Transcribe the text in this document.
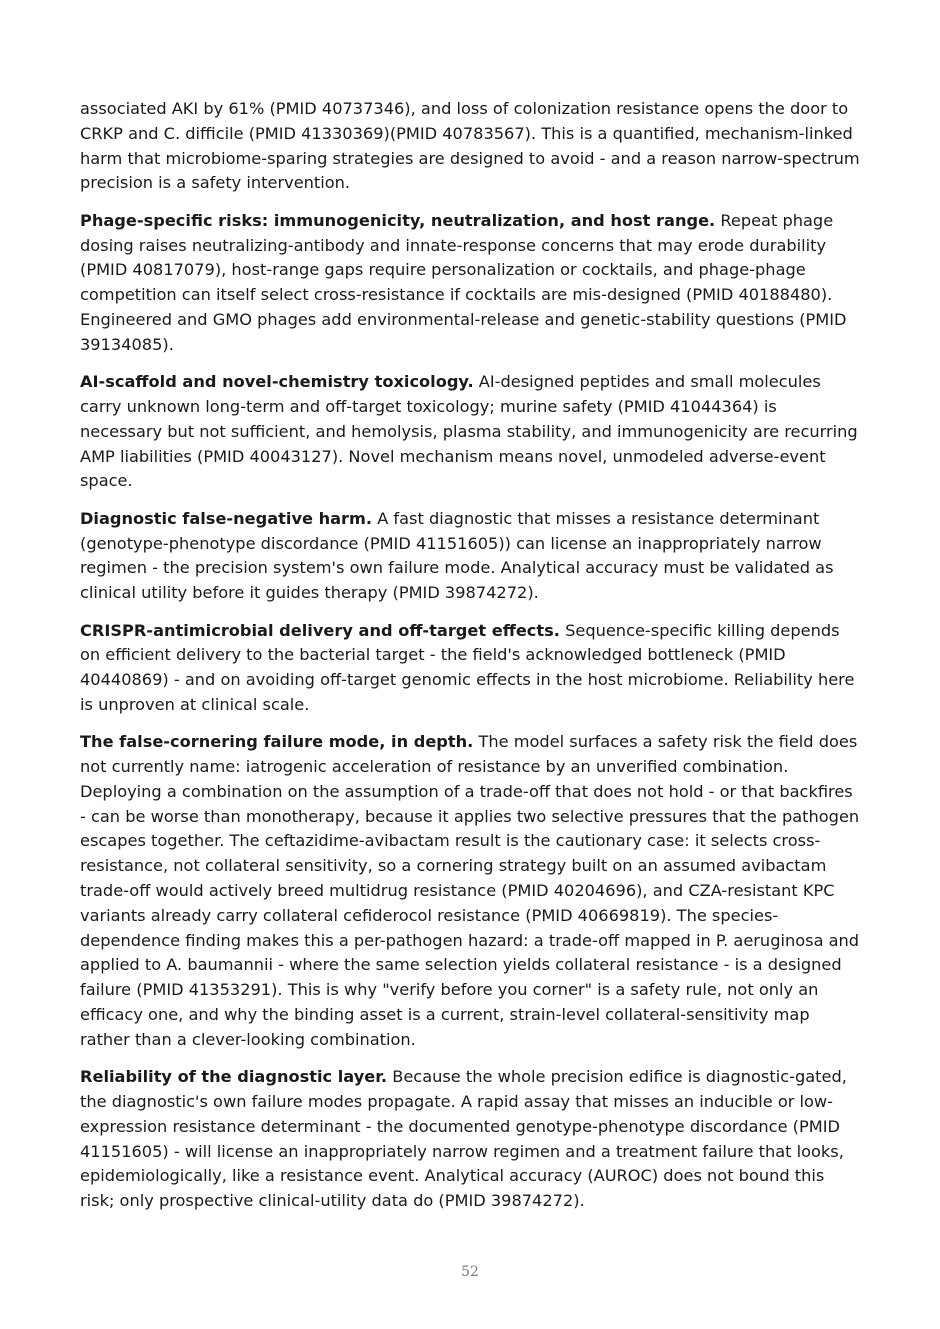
associated AKI by 61% (PMID 40737346), and loss of colonization resistance opens the door to CRKP and C. difficile (PMID 41330369)(PMID 40783567). This is a quantified, mechanism-linked harm that microbiome-sparing strategies are designed to avoid - and a reason narrow-spectrum precision is a safety intervention.

Phage-specific risks: immunogenicity, neutralization, and host range. Repeat phage dosing raises neutralizing-antibody and innate-response concerns that may erode durability (PMID 40817079), host-range gaps require personalization or cocktails, and phage-phage competition can itself select cross-resistance if cocktails are mis-designed (PMID 40188480). Engineered and GMO phages add environmental-release and genetic-stability questions (PMID 39134085).

AI-scaffold and novel-chemistry toxicology. AI-designed peptides and small molecules carry unknown long-term and off-target toxicology; murine safety (PMID 41044364) is necessary but not sufficient, and hemolysis, plasma stability, and immunogenicity are recurring AMP liabilities (PMID 40043127). Novel mechanism means novel, unmodeled adverse-event space.

Diagnostic false-negative harm. A fast diagnostic that misses a resistance determinant (genotype-phenotype discordance (PMID 41151605)) can license an inappropriately narrow regimen - the precision system's own failure mode. Analytical accuracy must be validated as clinical utility before it guides therapy (PMID 39874272).

CRISPR-antimicrobial delivery and off-target effects. Sequence-specific killing depends on efficient delivery to the bacterial target - the field's acknowledged bottleneck (PMID 40440869) - and on avoiding off-target genomic effects in the host microbiome. Reliability here is unproven at clinical scale.

The false-cornering failure mode, in depth. The model surfaces a safety risk the field does not currently name: iatrogenic acceleration of resistance by an unverified combination. Deploying a combination on the assumption of a trade-off that does not hold - or that backfires - can be worse than monotherapy, because it applies two selective pressures that the pathogen escapes together. The ceftazidime-avibactam result is the cautionary case: it selects cross-resistance, not collateral sensitivity, so a cornering strategy built on an assumed avibactam trade-off would actively breed multidrug resistance (PMID 40204696), and CZA-resistant KPC variants already carry collateral cefiderocol resistance (PMID 40669819). The species-dependence finding makes this a per-pathogen hazard: a trade-off mapped in P. aeruginosa and applied to A. baumannii - where the same selection yields collateral resistance - is a designed failure (PMID 41353291). This is why "verify before you corner" is a safety rule, not only an efficacy one, and why the binding asset is a current, strain-level collateral-sensitivity map rather than a clever-looking combination.

Reliability of the diagnostic layer. Because the whole precision edifice is diagnostic-gated, the diagnostic's own failure modes propagate. A rapid assay that misses an inducible or low-expression resistance determinant - the documented genotype-phenotype discordance (PMID 41151605) - will license an inappropriately narrow regimen and a treatment failure that looks, epidemiologically, like a resistance event. Analytical accuracy (AUROC) does not bound this risk; only prospective clinical-utility data do (PMID 39874272).

52
